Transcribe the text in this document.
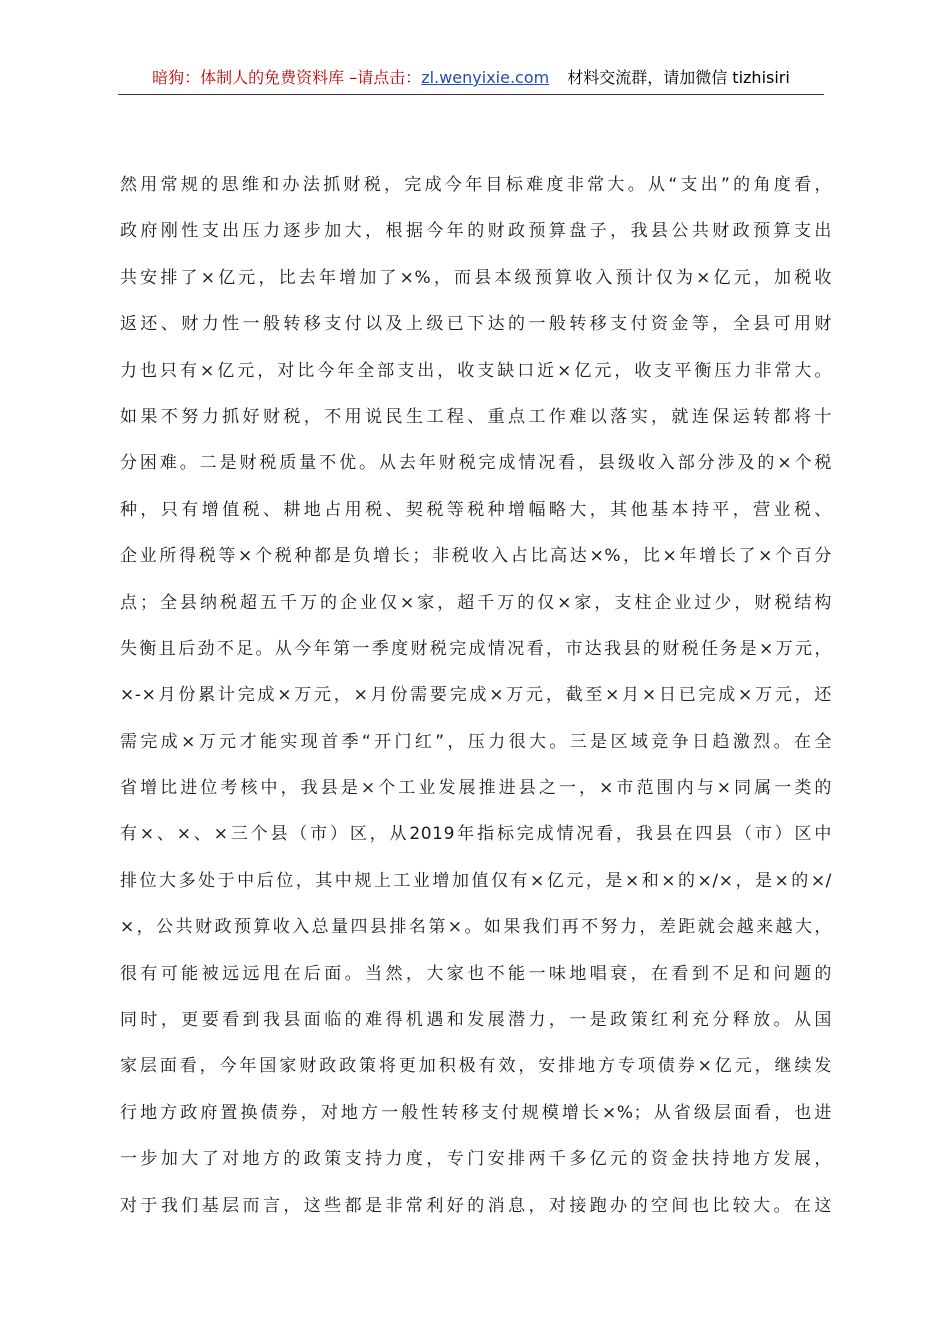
暗狗：体制人的免费资料库 –请点击：zl.wenyixie.com 材料交流群，请加微信 tizhisiri
然用常规的思维和办法抓财税，完成今年目标难度非常大。从“支出”的角度看，
政府刚性支出压力逐步加大，根据今年的财政预算盘子，我县公共财政预算支出
共安排了×亿元，比去年增加了×%，而县本级预算收入预计仅为×亿元，加税收
返还、财力性一般转移支付以及上级已下达的一般转移支付资金等，全县可用财
力也只有×亿元，对比今年全部支出，收支缺口近×亿元，收支平衡压力非常大。
如果不努力抓好财税，不用说民生工程、重点工作难以落实，就连保运转都将十
分困难。二是财税质量不优。从去年财税完成情况看，县级收入部分涉及的×个税
种，只有增值税、耕地占用税、契税等税种增幅略大，其他基本持平，营业税、
企业所得税等×个税种都是负增长；非税收入占比高达×%，比×年增长了×个百分
点；全县纳税超五千万的企业仅×家，超千万的仅×家，支柱企业过少，财税结构
失衡且后劲不足。从今年第一季度财税完成情况看，市达我县的财税任务是×万元，
×-×月份累计完成×万元，×月份需要完成×万元，截至×月×日已完成×万元，还
需完成×万元才能实现首季“开门红”，压力很大。三是区域竞争日趋激烈。在全
省增比进位考核中，我县是×个工业发展推进县之一，×市范围内与×同属一类的
有×、×、×三个县（市）区，从2019年指标完成情况看，我县在四县（市）区中
排位大多处于中后位，其中规上工业增加值仅有×亿元，是×和×的×/×，是×的×/
×，公共财政预算收入总量四县排名第×。如果我们再不努力，差距就会越来越大，
很有可能被远远甩在后面。当然，大家也不能一味地唱衰，在看到不足和问题的
同时，更要看到我县面临的难得机遇和发展潜力，一是政策红利充分释放。从国
家层面看，今年国家财政政策将更加积极有效，安排地方专项债券×亿元，继续发
行地方政府置换债券，对地方一般性转移支付规模增长×%；从省级层面看，也进
一步加大了对地方的政策支持力度，专门安排两千多亿元的资金扶持地方发展，
对于我们基层而言，这些都是非常利好的消息，对接跑办的空间也比较大。在这
